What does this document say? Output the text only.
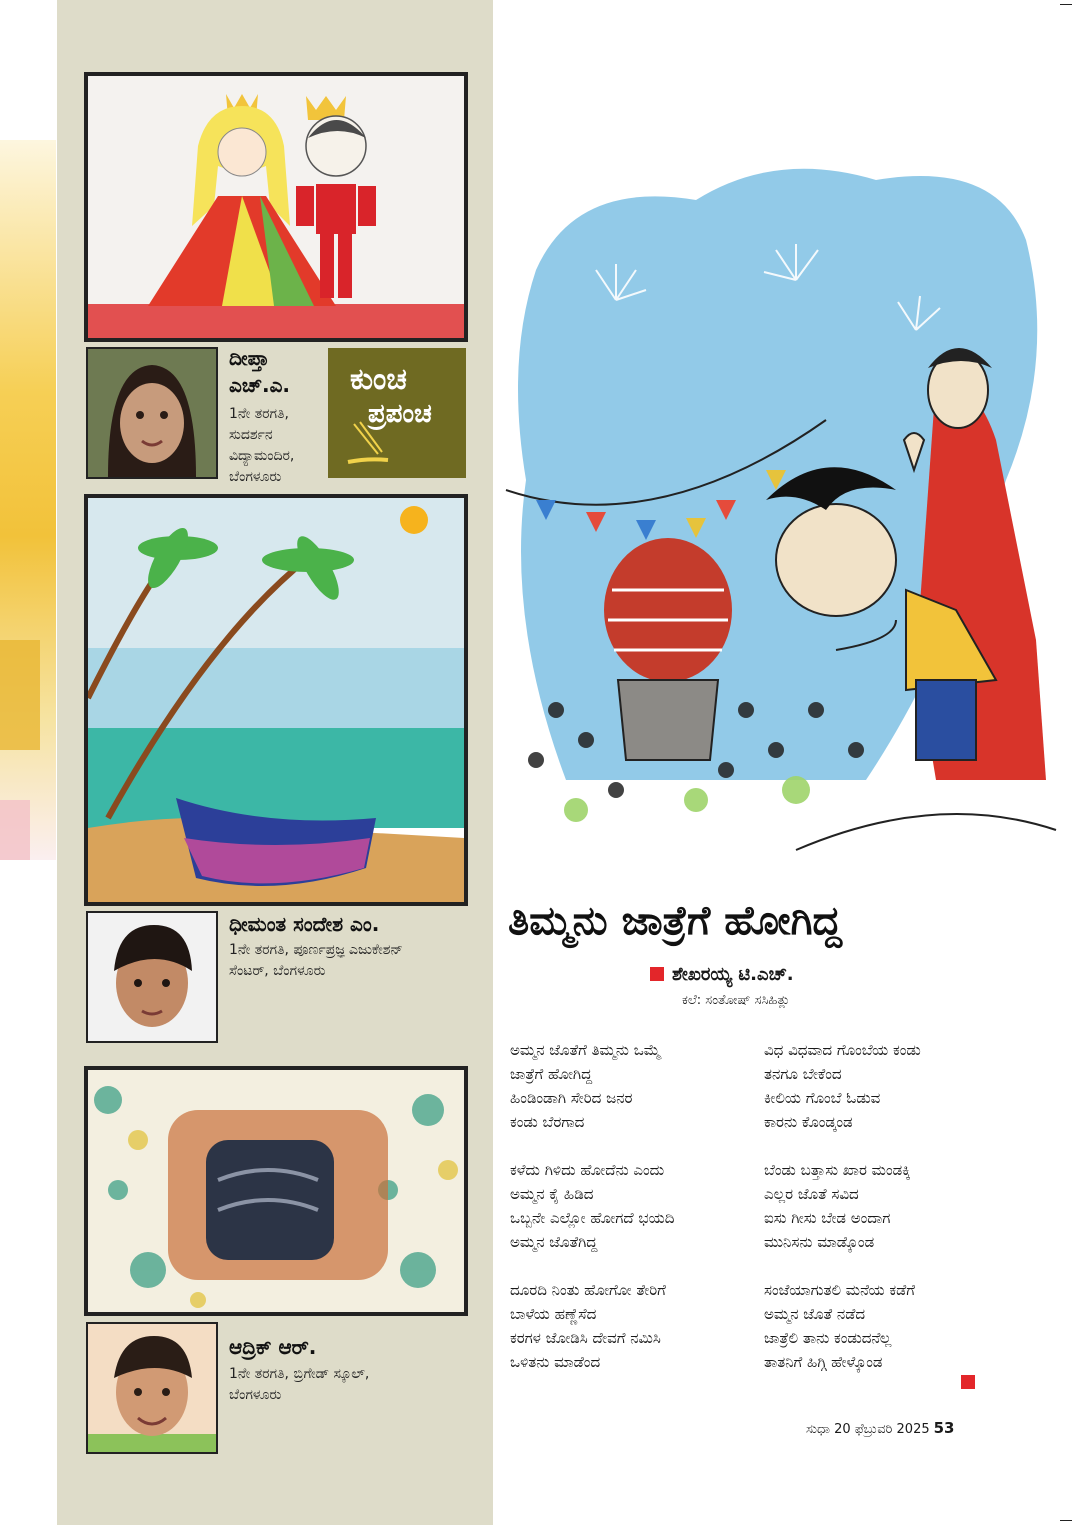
ದೀಪ್ತಾ
ಎಚ್.ಎ.
1ನೇ ತರಗತಿ,
ಸುದರ್ಶನ
ವಿದ್ಯಾಮಂದಿರ,
ಬೆಂಗಳೂರು
ಕುಂಚ
ಪ್ರಪಂಚ
ಧೀಮಂತ ಸಂದೇಶ ಎಂ.
1ನೇ ತರಗತಿ, ಪೂರ್ಣಪ್ರಜ್ಞ ಎಜುಕೇಶನ್
ಸೆಂಟರ್, ಬೆಂಗಳೂರು
ಆದ್ರಿಕ್ ಆರ್.
1ನೇ ತರಗತಿ, ಬ್ರಿಗೇಡ್ ಸ್ಕೂಲ್,
ಬೆಂಗಳೂರು
ತಿಮ್ಮನು ಜಾತ್ರೆಗೆ ಹೋಗಿದ್ದ
ಶೇಖರಯ್ಯ ಟಿ.ಎಚ್.
ಕಲೆ: ಸಂತೋಷ್ ಸಸಿಹಿತ್ಲು
ಅಮ್ಮನ ಜೊತೆಗೆ ತಿಮ್ಮನು ಒಮ್ಮೆ
ಜಾತ್ರೆಗೆ ಹೋಗಿದ್ದ
ಹಿಂಡಿಂಡಾಗಿ ಸೇರಿದ ಜನರ
ಕಂಡು ಬೆರಗಾದ
ಕಳೆದು ಗಿಳಿದು ಹೋದೆನು ಎಂದು
ಅಮ್ಮನ ಕೈ ಹಿಡಿದ
ಒಬ್ಬನೇ ಎಲ್ಲೋ ಹೋಗದೆ ಭಯದಿ
ಅಮ್ಮನ ಜೊತೆಗಿದ್ದ
ದೂರದಿ ನಿಂತು ಹೋಗೋ ತೇರಿಗೆ
ಬಾಳೆಯ ಹಣ್ಣೆಸೆದ
ಕರಗಳ ಜೋಡಿಸಿ ದೇವಗೆ ನಮಿಸಿ
ಒಳಿತನು ಮಾಡೆಂದ
ವಿಧ ವಿಧವಾದ ಗೊಂಬೆಯ ಕಂಡು
ತನಗೂ ಬೇಕೆಂದ
ಕೀಲಿಯ ಗೊಂಬೆ ಓಡುವ
ಕಾರನು ಕೊಂಡ್ಕಂಡ
ಬೆಂಡು ಬತ್ತಾಸು ಖಾರ ಮಂಡಕ್ಕಿ
ಎಲ್ಲರ ಜೊತೆ ಸವಿದ
ಐಸು ಗೀಸು ಬೇಡ ಅಂದಾಗ
ಮುನಿಸನು ಮಾಡ್ಕೊಂಡ
ಸಂಜೆಯಾಗುತಲಿ ಮನೆಯ ಕಡೆಗೆ
ಅಮ್ಮನ ಜೊತೆ ನಡೆದ
ಜಾತ್ರೆಲಿ ತಾನು ಕಂಡುದನೆಲ್ಲ
ತಾತನಿಗೆ ಹಿಗ್ಗಿ ಹೇಳ್ಕೊಂಡ
ಸುಧಾ 20 ಫೆಬ್ರುವರಿ 2025 53
